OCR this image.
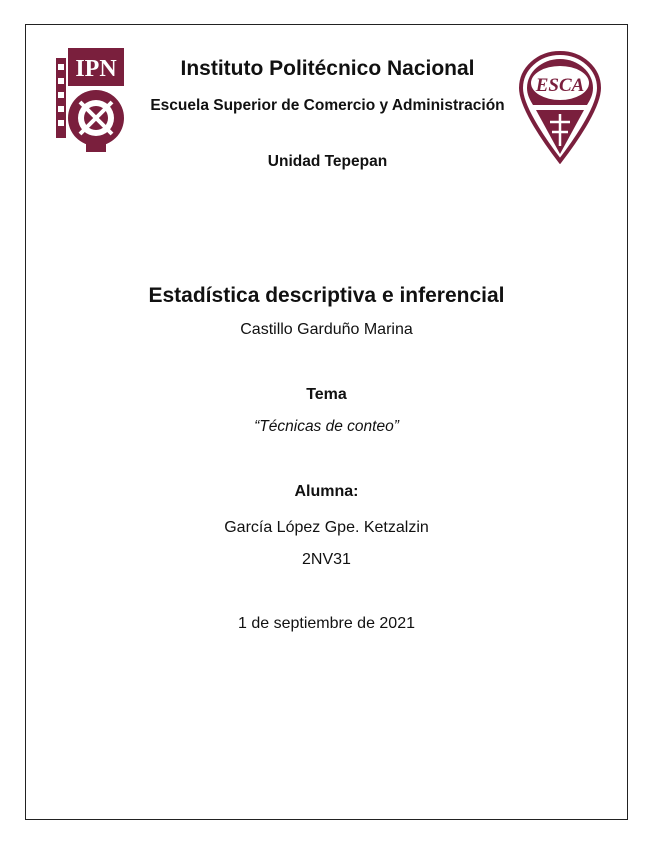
IPN
ESCA
Instituto Politécnico Nacional
Escuela Superior de Comercio y Administración
Unidad Tepepan
Estadística descriptiva e inferencial
Castillo Garduño Marina
Tema
“Técnicas de conteo”
Alumna:
García López Gpe. Ketzalzin
2NV31
1 de septiembre de 2021
